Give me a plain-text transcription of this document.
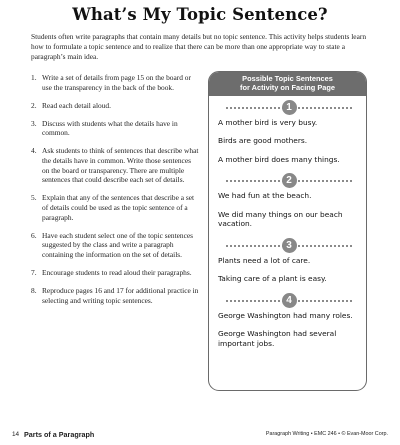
What’s My Topic Sentence?
Students often write paragraphs that contain many details but no topic sentence. This activity helps students learn how to formulate a topic sentence and to realize that there can be more than one appropriate way to state a paragraph’s main idea.
1. Write a set of details from page 15 on the board or use the transparency in the back of the book.
2. Read each detail aloud.
3. Discuss with students what the details have in common.
4. Ask students to think of sentences that describe what the details have in common. Write those sentences on the board or transparency. There are multiple sentences that could describe each set of details.
5. Explain that any of the sentences that describe a set of details could be used as the topic sentence of a paragraph.
6. Have each student select one of the topic sentences suggested by the class and write a paragraph containing the information on the set of details.
7. Encourage students to read aloud their paragraphs.
8. Reproduce pages 16 and 17 for additional practice in selecting and writing topic sentences.
Possible Topic Sentences
for Activity on Facing Page
1
A mother bird is very busy.
Birds are good mothers.
A mother bird does many things.
2
We had fun at the beach.
We did many things on our beach vacation.
3
Plants need a lot of care.
Taking care of a plant is easy.
4
George Washington had many roles.
George Washington had several important jobs.
14 Parts of a Paragraph	Paragraph Writing • EMC 246 • © Evan-Moor Corp.
